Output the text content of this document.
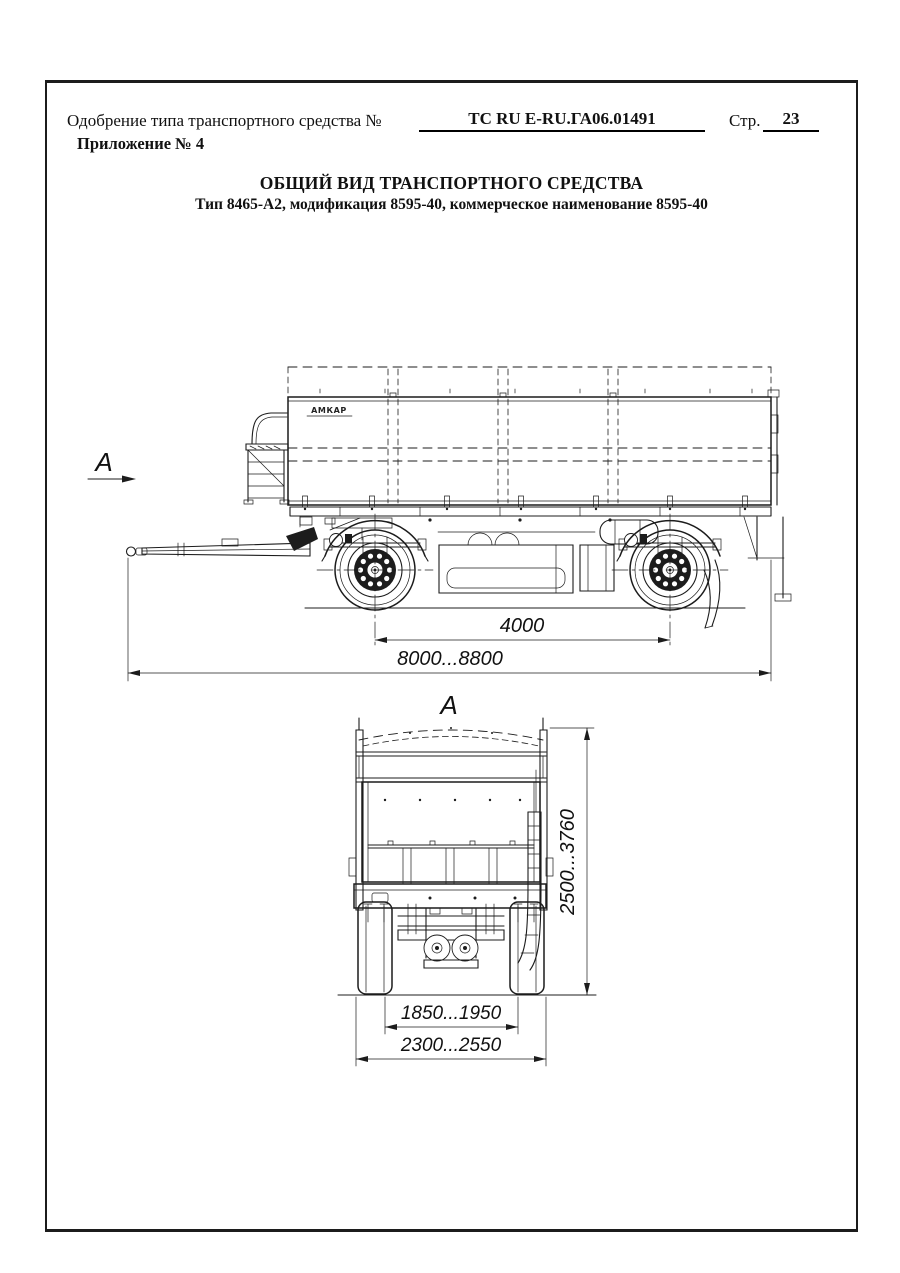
Одобрение типа транспортного средства №	ТС RU E-RU.ГА06.01491	Стр.	23
Приложение № 4
ОБЩИЙ ВИД ТРАНСПОРТНОГО СРЕДСТВА
Тип 8465-А2, модификация 8595-40, коммерческое наименование 8595-40
А
АМКАР
4000
8000...8800
А
2500...3760
1850...1950
2300...2550
